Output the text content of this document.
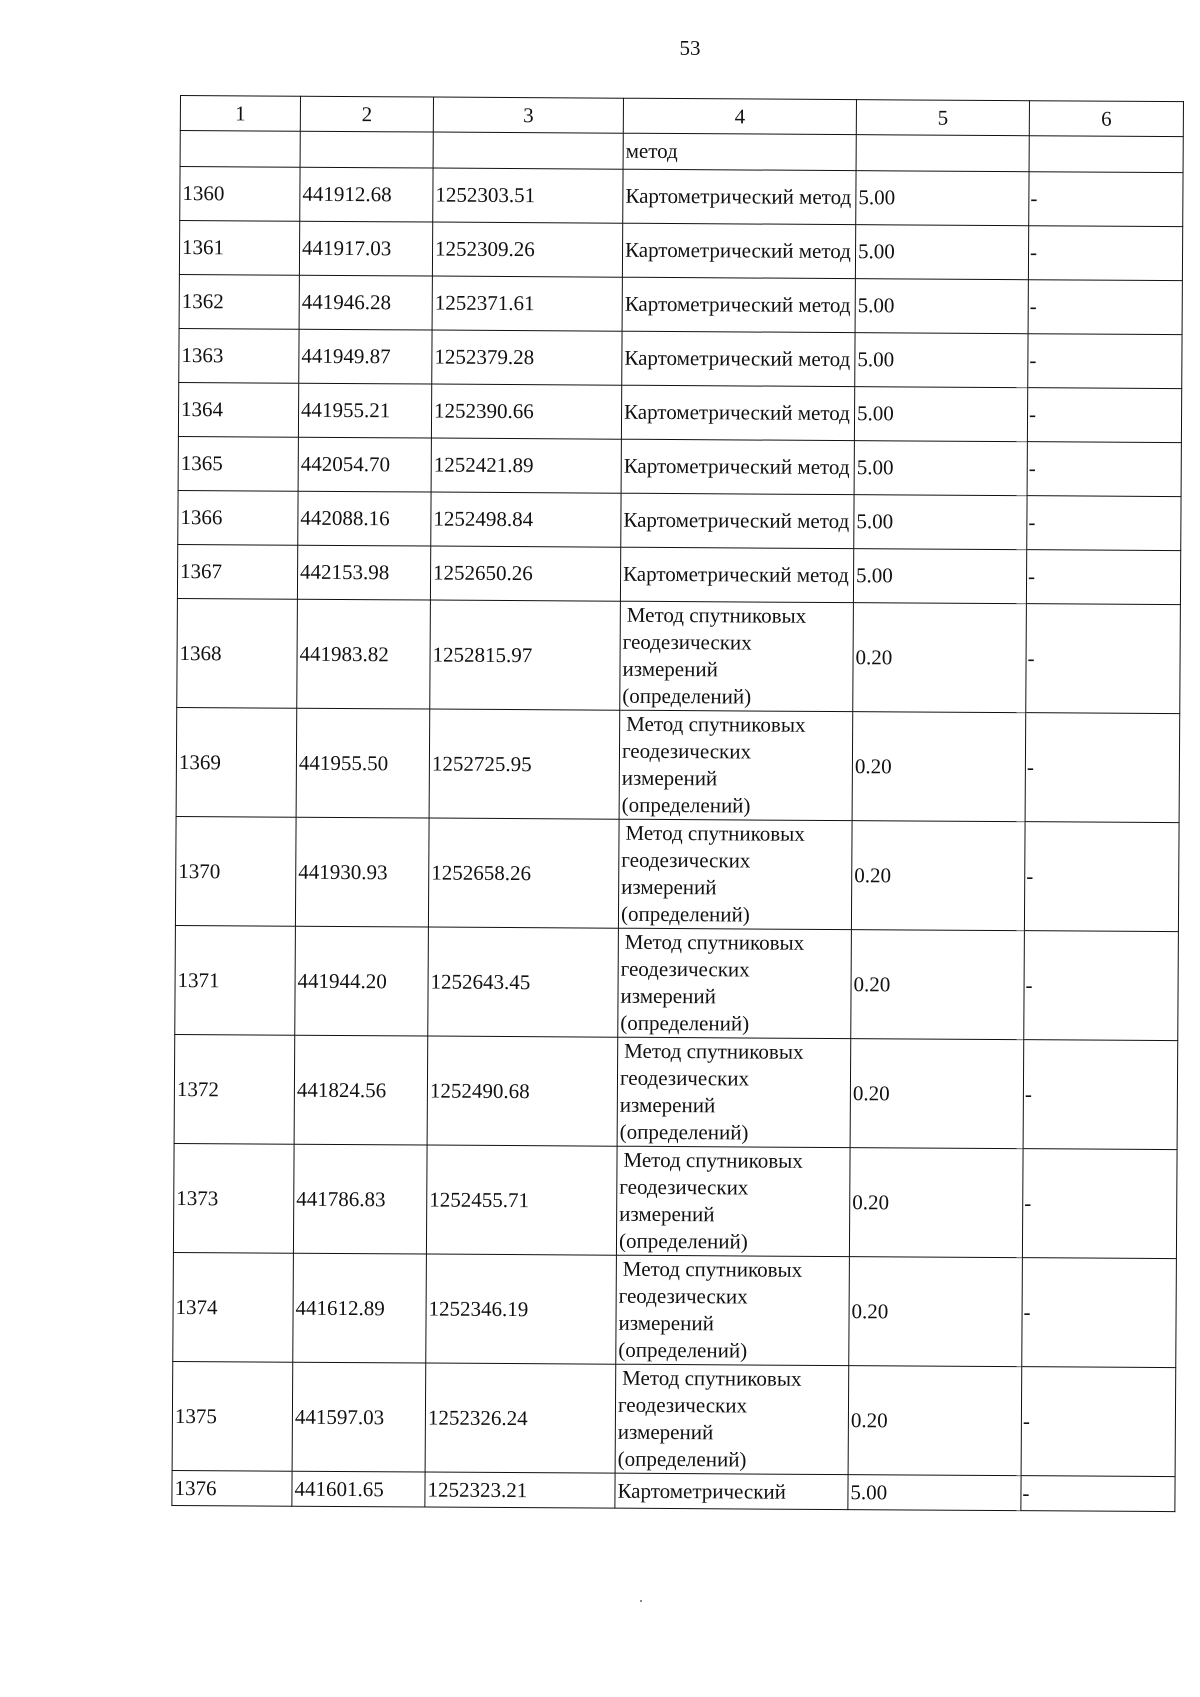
53
1	2	3	4	5	6
			метод		
1360	441912.68	1252303.51	Картометрический метод	5.00	-
1361	441917.03	1252309.26	Картометрический метод	5.00	-
1362	441946.28	1252371.61	Картометрический метод	5.00	-
1363	441949.87	1252379.28	Картометрический метод	5.00	-
1364	441955.21	1252390.66	Картометрический метод	5.00	-
1365	442054.70	1252421.89	Картометрический метод	5.00	-
1366	442088.16	1252498.84	Картометрический метод	5.00	-
1367	442153.98	1252650.26	Картометрический метод	5.00	-
1368	441983.82	1252815.97	Метод спутниковых геодезических измерений (определений)	0.20	-
1369	441955.50	1252725.95	Метод спутниковых геодезических измерений (определений)	0.20	-
1370	441930.93	1252658.26	Метод спутниковых геодезических измерений (определений)	0.20	-
1371	441944.20	1252643.45	Метод спутниковых геодезических измерений (определений)	0.20	-
1372	441824.56	1252490.68	Метод спутниковых геодезических измерений (определений)	0.20	-
1373	441786.83	1252455.71	Метод спутниковых геодезических измерений (определений)	0.20	-
1374	441612.89	1252346.19	Метод спутниковых геодезических измерений (определений)	0.20	-
1375	441597.03	1252326.24	Метод спутниковых геодезических измерений (определений)	0.20	-
1376	441601.65	1252323.21	Картометрический	5.00	-
